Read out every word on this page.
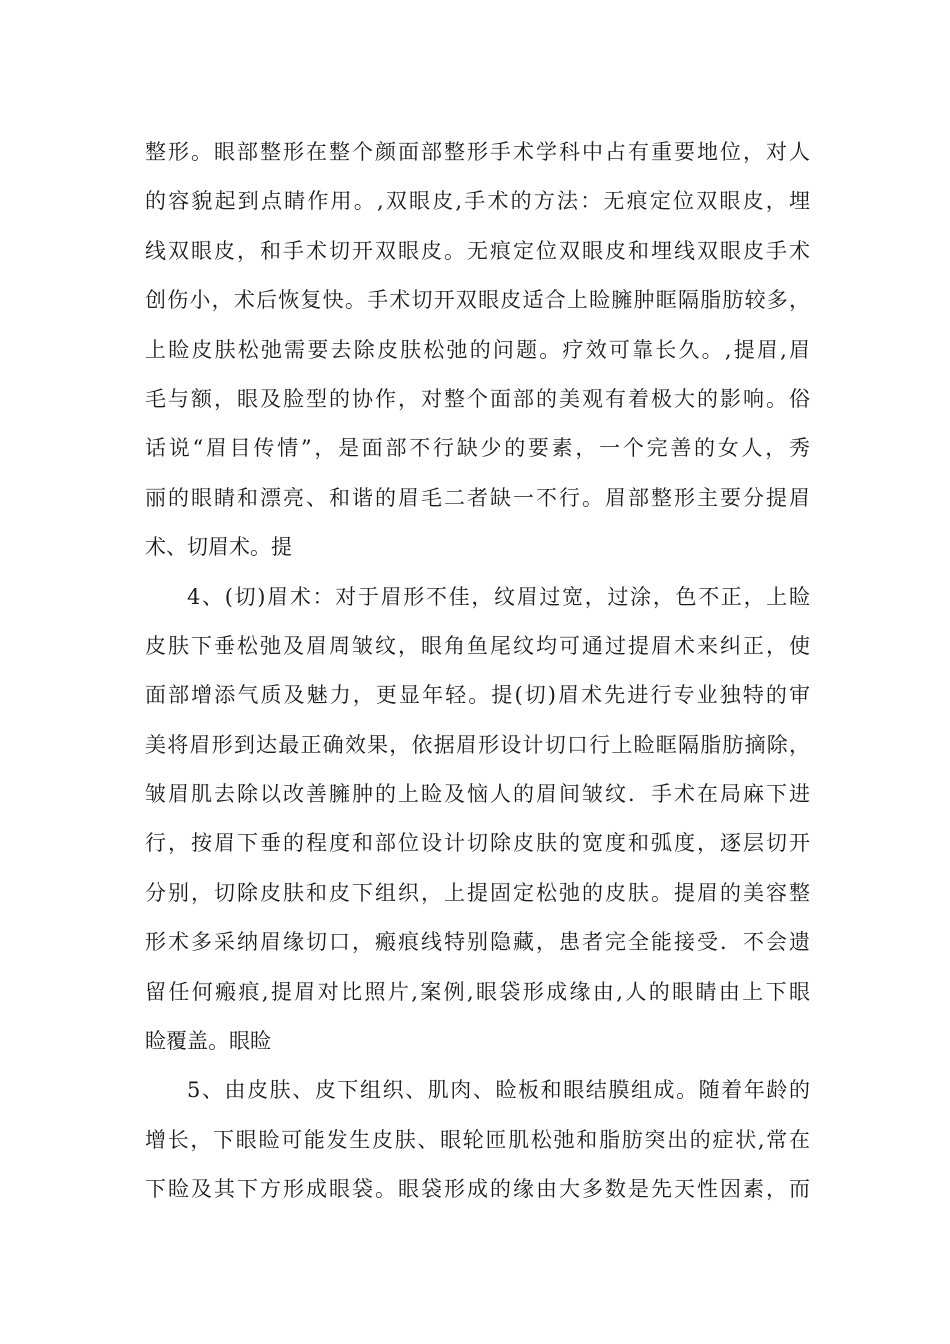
整形。眼部整形在整个颜面部整形手术学科中占有重要地位，对人
的容貌起到点睛作用。,双眼皮,手术的方法：无痕定位双眼皮，埋
线双眼皮，和手术切开双眼皮。无痕定位双眼皮和埋线双眼皮手术
创伤小，术后恢复快。手术切开双眼皮适合上睑臃肿眶隔脂肪较多，
上睑皮肤松弛需要去除皮肤松弛的问题。疗效可靠长久。,提眉,眉
毛与额，眼及脸型的协作，对整个面部的美观有着极大的影响。俗
话说“眉目传情”，是面部不行缺少的要素，一个完善的女人，秀
丽的眼睛和漂亮、和谐的眉毛二者缺一不行。眉部整形主要分提眉
术、切眉术。提
4、(切)眉术：对于眉形不佳，纹眉过宽，过涂，色不正，上睑
皮肤下垂松弛及眉周皱纹，眼角鱼尾纹均可通过提眉术来纠正，使
面部增添气质及魅力，更显年轻。提(切)眉术先进行专业独特的审
美将眉形到达最正确效果，依据眉形设计切口行上睑眶隔脂肪摘除，
皱眉肌去除以改善臃肿的上睑及恼人的眉间皱纹．手术在局麻下进
行，按眉下垂的程度和部位设计切除皮肤的宽度和弧度，逐层切开
分别，切除皮肤和皮下组织，上提固定松弛的皮肤。提眉的美容整
形术多采纳眉缘切口，瘢痕线特别隐藏，患者完全能接受．不会遗
留任何瘢痕,提眉对比照片,案例,眼袋形成缘由,人的眼睛由上下眼
睑覆盖。眼睑
5、由皮肤、皮下组织、肌肉、睑板和眼结膜组成。随着年龄的
增长，下眼睑可能发生皮肤、眼轮匝肌松弛和脂肪突出的症状,常在
下睑及其下方形成眼袋。眼袋形成的缘由大多数是先天性因素，而
